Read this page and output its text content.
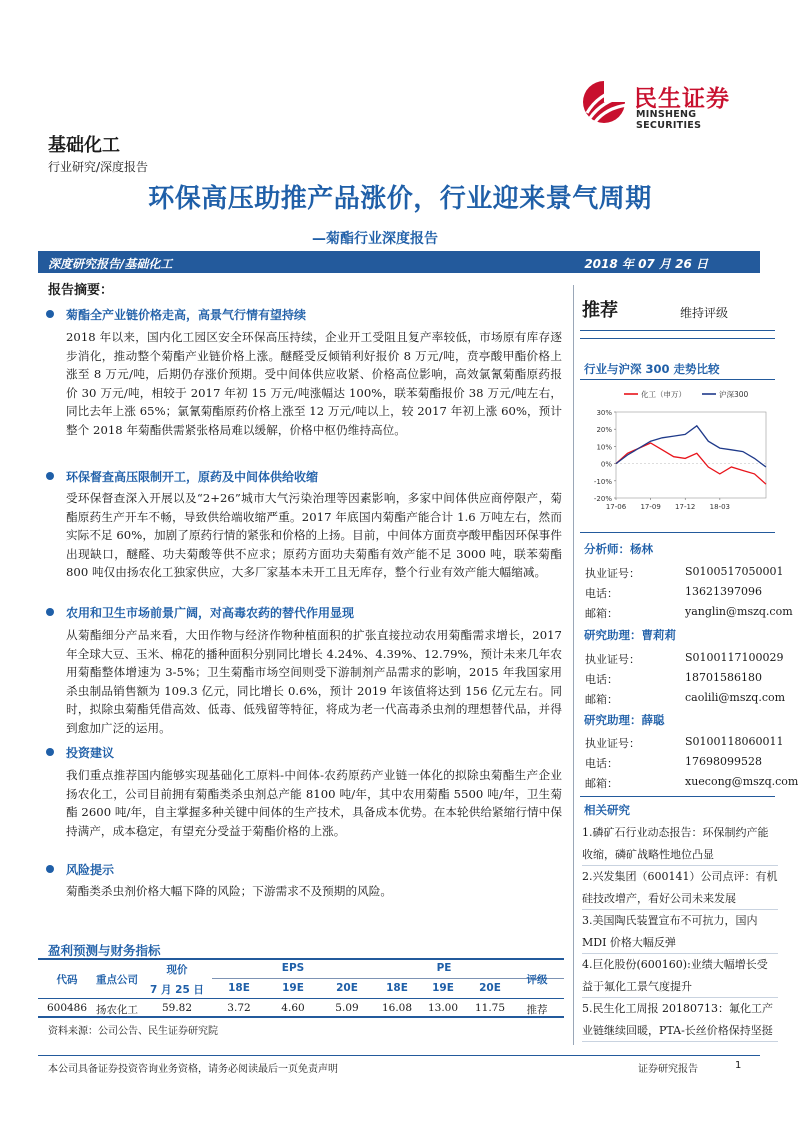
民生证券
MINSHENG SECURITIES
基础化工
行业研究/深度报告
环保高压助推产品涨价，行业迎来景气周期
—菊酯行业深度报告
深度研究报告/基础化工	2018 年 07 月 26 日
报告摘要：
菊酯全产业链价格走高，高景气行情有望持续
2018 年以来，国内化工园区安全环保高压持续，企业开工受阻且复产率较低，市场原有库存逐步消化，推动整个菊酯产业链价格上涨。醚醛受反倾销利好报价 8 万元/吨，贲亭酸甲酯价格上涨至 8 万元/吨，后期仍存涨价预期。受中间体供应收紧、价格高位影响，高效氯氰菊酯原药报价 30 万元/吨，相较于 2017 年初 15 万元/吨涨幅达 100%，联苯菊酯报价 38 万元/吨左右，同比去年上涨 65%；氯氰菊酯原药价格上涨至 12 万元/吨以上，较 2017 年初上涨 60%，预计整个 2018 年菊酯供需紧张格局难以缓解，价格中枢仍维持高位。
环保督查高压限制开工，原药及中间体供给收缩
受环保督查深入开展以及“2+26”城市大气污染治理等因素影响，多家中间体供应商停限产，菊酯原药生产开车不畅，导致供给端收缩严重。2017 年底国内菊酯产能合计 1.6 万吨左右，然而实际不足 60%，加剧了原药行情的紧张和价格的上扬。目前，中间体方面贲亭酸甲酯因环保事件出现缺口，醚醛、功夫菊酸等供不应求；原药方面功夫菊酯有效产能不足 3000 吨，联苯菊酯 800 吨仅由扬农化工独家供应，大多厂家基本未开工且无库存，整个行业有效产能大幅缩减。
农用和卫生市场前景广阔，对高毒农药的替代作用显现
从菊酯细分产品来看，大田作物与经济作物种植面积的扩张直接拉动农用菊酯需求增长，2017 年全球大豆、玉米、棉花的播种面积分别同比增长 4.24%、4.39%、12.79%，预计未来几年农用菊酯整体增速为 3-5%；卫生菊酯市场空间则受下游制剂产品需求的影响，2015 年我国家用杀虫制品销售额为 109.3 亿元，同比增长 0.6%，预计 2019 年该值将达到 156 亿元左右。同时，拟除虫菊酯凭借高效、低毒、低残留等特征，将成为老一代高毒杀虫剂的理想替代品，并得到愈加广泛的运用。
投资建议
我们重点推荐国内能够实现基础化工原料-中间体-农药原药产业链一体化的拟除虫菊酯生产企业扬农化工，公司目前拥有菊酯类杀虫剂总产能 8100 吨/年，其中农用菊酯 5500 吨/年，卫生菊酯 2600 吨/年，自主掌握多种关键中间体的生产技术，具备成本优势。在本轮供给紧缩行情中保持满产，成本稳定，有望充分受益于菊酯价格的上涨。
风险提示
菊酯类杀虫剂价格大幅下降的风险；下游需求不及预期的风险。
推荐	维持评级
行业与沪深 300 走势比较
30%
20%
10%
0%
-10%
-20%
17-06 17-09 17-12 18-03
化工（申万）	沪深300
分析师：杨林
执业证号：	S0100517050001
电话：	13621397096
邮箱：	yanglin@mszq.com
研究助理：曹莉莉
执业证号：	S0100117100029
电话：	18701586180
邮箱：	caolili@mszq.com
研究助理：薛聪
执业证号：	S0100118060011
电话：	17698099528
邮箱：	xuecong@mszq.com
相关研究
1.磷矿石行业动态报告：环保制约产能收缩，磷矿战略性地位凸显
2.兴发集团（600141）公司点评：有机硅技改增产，看好公司未来发展
3.美国陶氏装置宣布不可抗力，国内 MDI 价格大幅反弹
4.巨化股份(600160):业绩大幅增长受益于氟化工景气度提升
5.民生化工周报 20180713：氟化工产业链继续回暖，PTA-长丝价格保持坚挺
盈利预测与财务指标
代码	重点公司
现价
7 月 25 日
EPS	PE
评级
18E	19E	20E	18E	19E	20E
600486 扬农化工	59.82	3.72	4.60	5.09	16.08	13.00	11.75	推荐
资料来源：公司公告、民生证券研究院
本公司具备证券投资咨询业务资格，请务必阅读最后一页免责声明	证券研究报告	1
